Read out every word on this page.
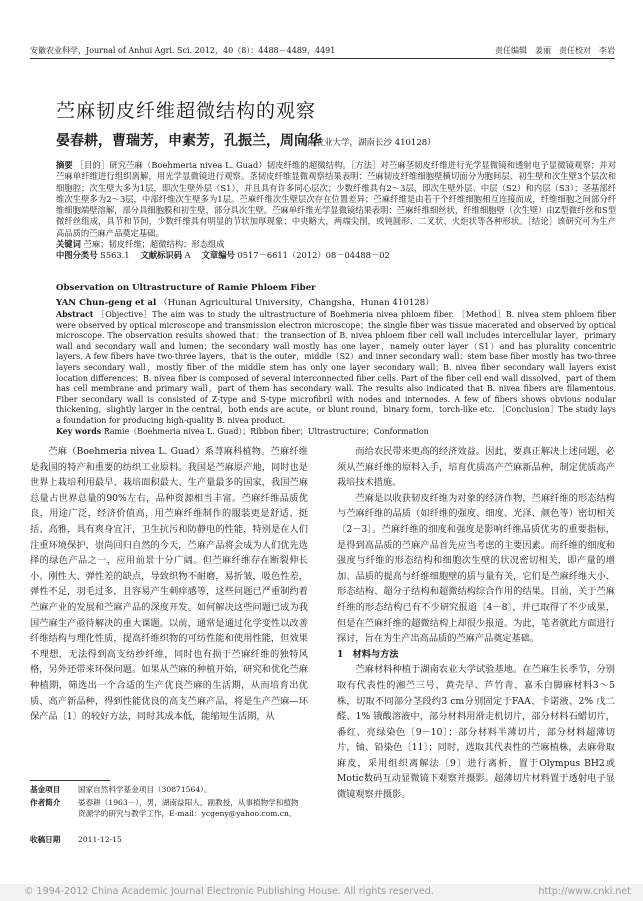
安徽农业科学，Journal of Anhui Agri. Sci. 2012，40（8）：4488－4489，4491	责任编辑　姜丽　责任校对　李岩
苎麻韧皮纤维超微结构的观察
晏春耕，曹瑞芳，申素芳，孔振兰，周向华
（湖南农业大学，湖南长沙 410128）
摘要 ［目的］研究苎麻（Boehmeria nivea L. Guad）韧皮纤维的超微结构。［方法］对苎麻茎韧皮纤维进行光学显微镜和透射电子显微镜观察；并对苎麻单纤维进行组织离解，用光学显微镜进行观察。茎韧皮纤维显微观察结果表明：苎麻韧皮纤维细胞壁横切面分为胞间层、初生壁和次生壁3个层次和细胞腔；次生壁大多为1层，即次生壁外层（S1），并且具有许多同心层次；少数纤维具有2～3层，即次生壁外层、中层（S2）和内层（S3）；茎基部纤维次生壁多为2～3层，中部纤维次生壁多为1层。苎麻纤维次生壁层次存在位置差异；苎麻纤维是由若干个纤维细胞相互连接而成，纤维细胞之间部分纤维细胞端壁溶解，部分具细胞膜和初生壁，部分具次生壁。苎麻单纤维光学显微镜结果表明：苎麻纤维细丝状，纤维细胞壁（次生壁）由Z型微纤丝和S型微纤丝组成，具节和节间，少数纤维具有明显的节状加厚现象；中央略大，两端尖削，或钝圆形、二叉状、火炬状等各种形状。［结论］该研究可为生产高品质的苎麻产品奠定基础。
关键词 苎麻；韧皮纤维；超微结构；形态组成
中图分类号 S563.1　 文献标识码 A　 文章编号 0517－6611（2012）08－04488－02
Observation on Ultrastructure of Ramie Phloem Fiber
YAN Chun-geng et al （Hunan Agricultural University，Changsha，Hunan 410128）
Abstract ［Objective］The aim was to study the ultrastructure of Boehmeria nivea phloem fiber. ［Method］B. nivea stem phloem fiber were observed by optical microscope and transmission electron microscope；the single fiber was tissue macerated and observed by optical microscope. The observation results showed that：the transection of B. nivea phloem fiber cell wall includes intercellular layer，primary wall and secondary wall and lumen；the secondary wall mostly has one layer，namely outer layer（S1）and has plurality concentric layers. A few fibers have two-three layers，that is the outer，middle（S2）and inner secondary wall；stem base fiber mostly has two-three layers secondary wall，mostly fiber of the middle stem has only one layer secondary wall；B. nivea fiber secondary wall layers exist location differences；B. nivea fiber is composed of several interconnected fiber cells. Part of the fiber cell end wall dissolved，part of them has cell membrane and primary wall，part of them has secondary wall. The results also indicated that B. nivea fibers are filamentous. Fiber secondary wall is consisted of Z-type and S-type microfibril with nodes and internodes. A few of fibers shows obvious nodular thickening，slightly larger in the central，both ends are acute，or blunt round，binary form，torch-like etc. ［Conclusion］The study lays a foundation for producing high-quality B. nivea product.
Key words Ramie（Boehmeria nivea L. Guad）；Ribbon fiber；Ultrastructure；Conformation

苎麻（Boehmeria nivea L. Guad）系荨麻科植物。苎麻纤维是我国的特产和重要的纺织工业原料。我国是苎麻原产地，同时也是世界上栽培利用最早、栽培面积最大、生产量最多的国家，我国苎麻总量占世界总量的90%左右，品种资源相当丰富。苎麻纤维品质优良，用途广泛，经济价值高，用苎麻纤维制作的服装更是舒适、挺括、高雅，具有爽身宜汗，卫生抗污和防静电的性能，特别是在人们注重环境保护，崇尚回归自然的今天，苎麻产品将会成为人们优先选择的绿色产品之一，应用前景十分广阔。但苎麻纤维存在断裂伸长小、刚性大、弹性差的缺点，导致织物不耐磨，易折皱，吸色性差，弹性不足，羽毛过多，且容易产生刺痒感等，这些问题已严重制约着苎麻产业的发展和苎麻产品的深度开发。如何解决这些问题已成为我国苎麻生产亟待解决的重大课题。以前，通常是通过化学变性以改善纤维结构与理化性质，提高纤维织物的可纺性能和使用性能，但效果不理想，无法得到高支纺纱纤维，同时也有损于苎麻纤维的独特风格，另外还带来环保问题。如果从苎麻的种植开始，研究和优化苎麻种植期，筛选出一个合适的生产优良苎麻的生活期，从而培育出优质、高产新品种，得到性能优良的高支苎麻产品，将是生产苎麻—环保产品〔1〕的较好方法，同时其成本低，能缩短生活期，从

而给农民带来更高的经济效益。因此，要真正解决上述问题，必须从苎麻纤维的原料入手，培育优质高产苎麻新品种，制定优质高产栽培技术措施。

苎麻是以收获韧皮纤维为对象的经济作物，苎麻纤维的形态结构与苎麻纤维的品质（如纤维的强度、细度、光泽、颜色等）密切相关〔2－3〕。苎麻纤维的细度和强度是影响纤维品质优劣的重要指标，是得到高品质的苎麻产品首先应当考虑的主要因素。而纤维的细度和强度与纤维的形态结构和细胞次生壁的状况密切相关，即产量的增加、品质的提高与纤维细胞壁的质与量有关，它们是苎麻纤维大小、形态结构、超分子结构和超微结构综合作用的结果。目前，关于苎麻纤维的形态结构已有不少研究报道〔4－8〕，并已取得了不少成果，但是在苎麻纤维的超微结构上却很少报道。为此，笔者就此方面进行探讨，旨在为生产出高品质的苎麻产品奠定基础。

1　材料与方法

苎麻材料种植于湖南农业大学试验基地。在苎麻生长季节，分别取有代表性的湘苎三号、黄壳早、芦竹青、嘉禾白脚麻材料3～5株，切取不同部分茎段约3 cm分别固定于FAA、卡诺液、2% 戊二醛、1% 锇酸溶液中，部分材料用滑走机切片，部分材料石蜡切片，番红、亮绿染色〔9－10〕；部分材料半薄切片，部分材料超薄切片，铀、铅染色〔11〕；同时，选取其代表性的苎麻植株，去麻骨取麻皮，采用组织离解法〔9〕进行离析，置于Olympus BH2或Motic数码互动显微镜下观察并摄影。超薄切片材料置于透射电子显微镜观察并摄影。

基金项目 国家自然科学基金项目（30871564）。
作者简介 晏春耕（1963－），男，湖南益阳人，副教授，从事植物学和植物资源学的研究与教学工作，E-mail：ycgeny@yahoo.com.cn。
收稿日期 2011-12-15
© 1994-2012 China Academic Journal Electronic Publishing House. All rights reserved.	http://www.cnki.net
